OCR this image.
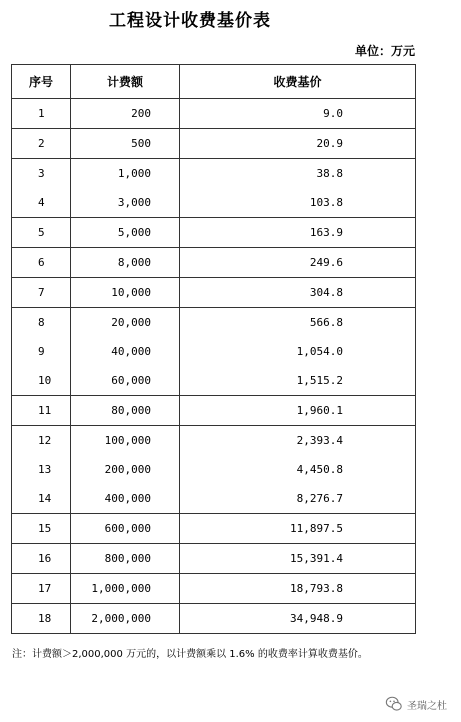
工程设计收费基价表
单位：万元
序号	计费额	收费基价
1	200	9.0
2	500	20.9
3	1,000	38.8
4	3,000	103.8
5	5,000	163.9
6	8,000	249.6
7	10,000	304.8
8	20,000	566.8
9	40,000	1,054.0
10	60,000	1,515.2
11	80,000	1,960.1
12	100,000	2,393.4
13	200,000	4,450.8
14	400,000	8,276.7
15	600,000	11,897.5
16	800,000	15,391.4
17	1,000,000	18,793.8
18	2,000,000	34,948.9
注：计费额＞2,000,000 万元的，以计费额乘以 1.6% 的收费率计算收费基价。
圣瑞之杜
